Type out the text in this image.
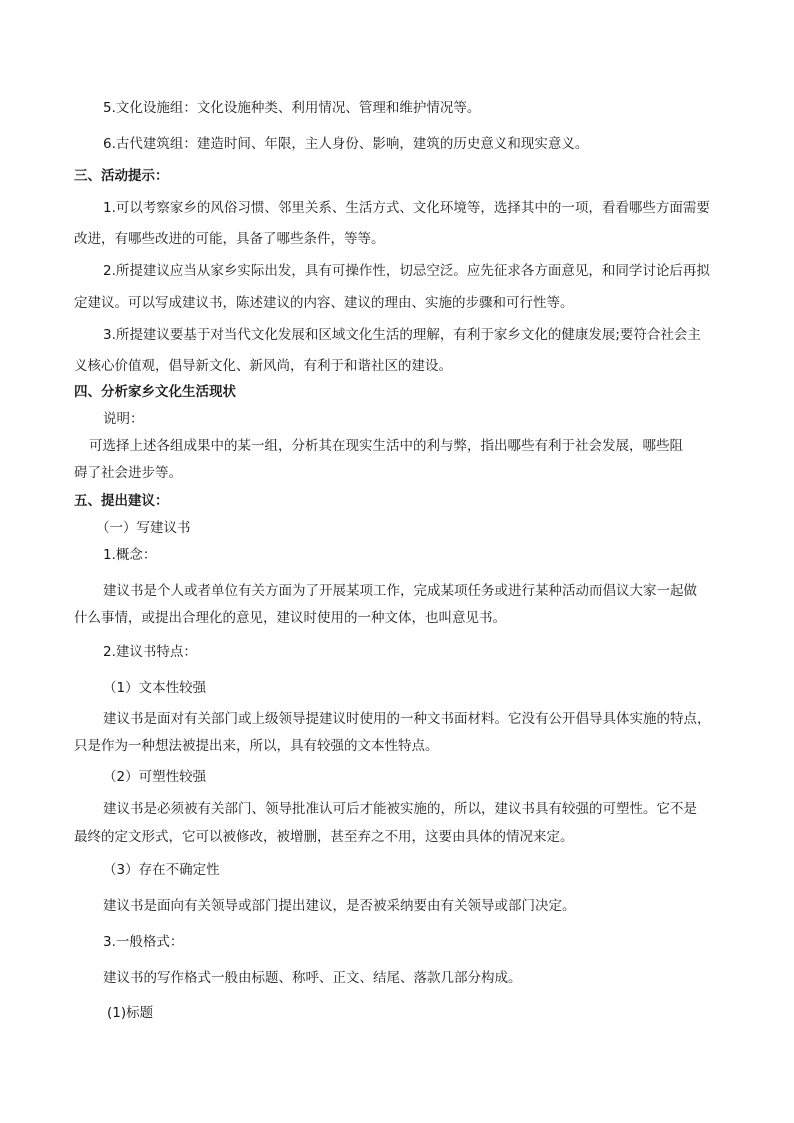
5.文化设施组：文化设施种类、利用情况、管理和维护情况等。
6.古代建筑组：建造时间、年限，主人身份、影响，建筑的历史意义和现实意义。
三、活动提示：
1.可以考察家乡的风俗习惯、邻里关系、生活方式、文化环境等，选择其中的一项，看看哪些方面需要
改进，有哪些改进的可能，具备了哪些条件，等等。
2.所提建议应当从家乡实际出发，具有可操作性，切忌空泛。应先征求各方面意见，和同学讨论后再拟
定建议。可以写成建议书，陈述建议的内容、建议的理由、实施的步骤和可行性等。
3.所提建议要基于对当代文化发展和区域文化生活的理解，有利于家乡文化的健康发展;要符合社会主
义核心价值观，倡导新文化、新风尚，有利于和谐社区的建设。
四、分析家乡文化生活现状
说明：
可选择上述各组成果中的某一组，分析其在现实生活中的利与弊，指出哪些有利于社会发展，哪些阻
碍了社会进步等。
五、提出建议：
（一）写建议书
1.概念：
建议书是个人或者单位有关方面为了开展某项工作，完成某项任务或进行某种活动而倡议大家一起做
什么事情，或提出合理化的意见，建议时使用的一种文体，也叫意见书。
2.建议书特点：
（1）文本性较强
建议书是面对有关部门或上级领导提建议时使用的一种文书面材料。它没有公开倡导具体实施的特点，
只是作为一种想法被提出来，所以，具有较强的文本性特点。
（2）可塑性较强
建议书是必须被有关部门、领导批准认可后才能被实施的，所以，建议书具有较强的可塑性。它不是
最终的定文形式，它可以被修改，被增删，甚至弃之不用，这要由具体的情况来定。
（3）存在不确定性
建议书是面向有关领导或部门提出建议，是否被采纳要由有关领导或部门决定。
3.一般格式：
建议书的写作格式一般由标题、称呼、正文、结尾、落款几部分构成。
(1)标题
